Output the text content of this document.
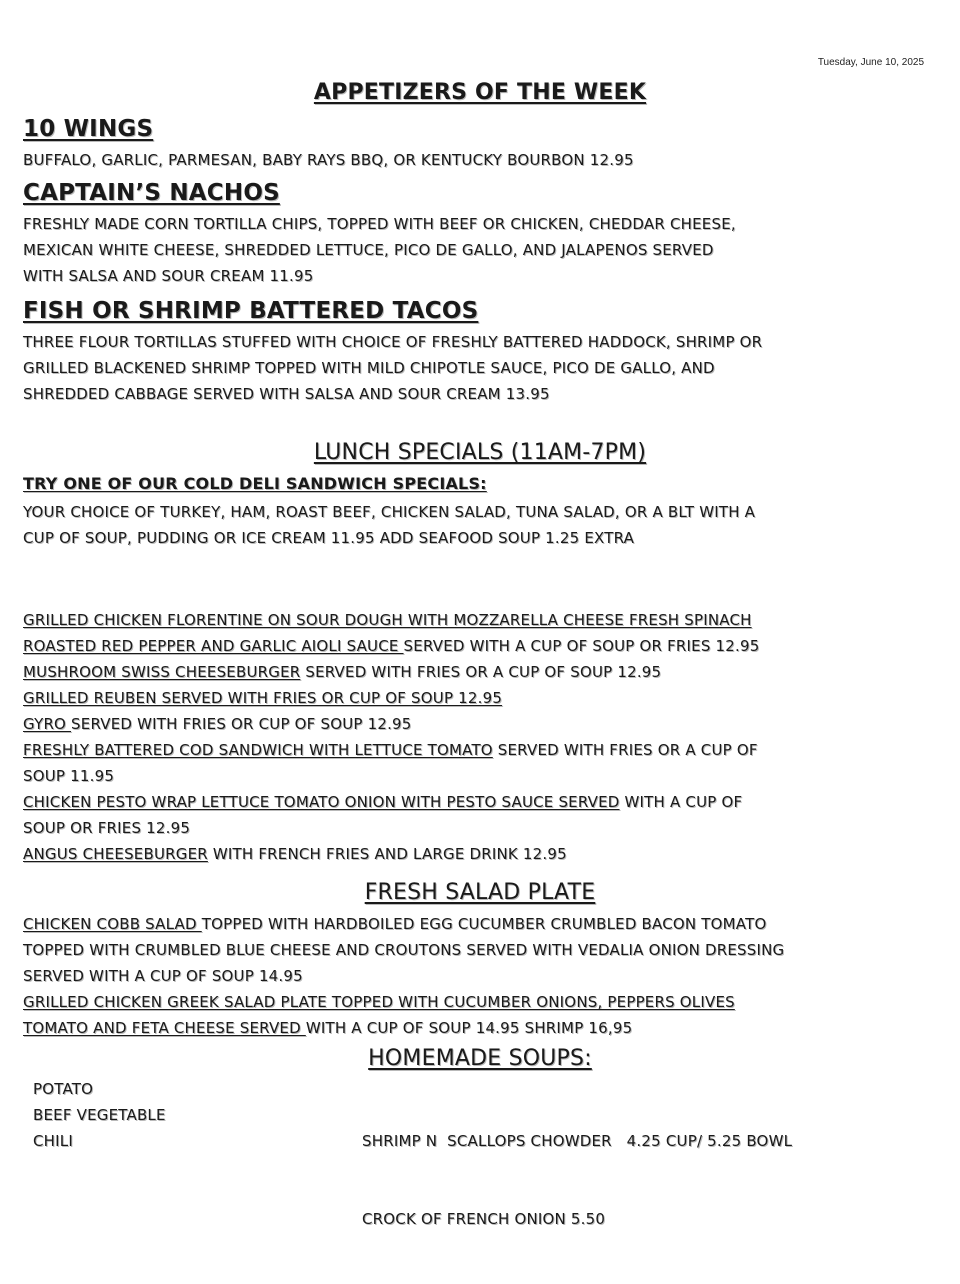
Tuesday, June 10, 2025
APPETIZERS OF THE WEEK
10 WINGS
BUFFALO, GARLIC, PARMESAN, BABY RAYS BBQ, OR KENTUCKY BOURBON 12.95
CAPTAIN’S NACHOS
FRESHLY MADE CORN TORTILLA CHIPS, TOPPED WITH BEEF OR CHICKEN, CHEDDAR CHEESE,
MEXICAN WHITE CHEESE, SHREDDED LETTUCE, PICO DE GALLO, AND JALAPENOS SERVED
WITH SALSA AND SOUR CREAM 11.95
FISH OR SHRIMP BATTERED TACOS
THREE FLOUR TORTILLAS STUFFED WITH CHOICE OF FRESHLY BATTERED HADDOCK, SHRIMP OR
GRILLED BLACKENED SHRIMP TOPPED WITH MILD CHIPOTLE SAUCE, PICO DE GALLO, AND
SHREDDED CABBAGE SERVED WITH SALSA AND SOUR CREAM 13.95
LUNCH SPECIALS (11AM-7PM)
TRY ONE OF OUR COLD DELI SANDWICH SPECIALS:
YOUR CHOICE OF TURKEY, HAM, ROAST BEEF, CHICKEN SALAD, TUNA SALAD, OR A BLT WITH A
CUP OF SOUP, PUDDING OR ICE CREAM 11.95 ADD SEAFOOD SOUP 1.25 EXTRA
GRILLED CHICKEN FLORENTINE ON SOUR DOUGH WITH MOZZARELLA CHEESE FRESH SPINACH
ROASTED RED PEPPER AND GARLIC AIOLI SAUCE SERVED WITH A CUP OF SOUP OR FRIES 12.95
MUSHROOM SWISS CHEESEBURGER SERVED WITH FRIES OR A CUP OF SOUP 12.95
GRILLED REUBEN SERVED WITH FRIES OR CUP OF SOUP 12.95
GYRO SERVED WITH FRIES OR CUP OF SOUP 12.95
FRESHLY BATTERED COD SANDWICH WITH LETTUCE TOMATO SERVED WITH FRIES OR A CUP OF
SOUP 11.95
CHICKEN PESTO WRAP LETTUCE TOMATO ONION WITH PESTO SAUCE SERVED WITH A CUP OF
SOUP OR FRIES 12.95
ANGUS CHEESEBURGER WITH FRENCH FRIES AND LARGE DRINK 12.95
FRESH SALAD PLATE
CHICKEN COBB SALAD TOPPED WITH HARDBOILED EGG CUCUMBER CRUMBLED BACON TOMATO
TOPPED WITH CRUMBLED BLUE CHEESE AND CROUTONS SERVED WITH VEDALIA ONION DRESSING
SERVED WITH A CUP OF SOUP 14.95
GRILLED CHICKEN GREEK SALAD PLATE TOPPED WITH CUCUMBER ONIONS, PEPPERS OLIVES
TOMATO AND FETA CHEESE SERVED WITH A CUP OF SOUP 14.95 SHRIMP 16,95
HOMEMADE SOUPS:
POTATO
BEEF VEGETABLE
CHILI

	SHRIMP N  SCALLOPS CHOWDER   4.25 CUP/ 5.25 BOWL

CROCK OF FRENCH ONION 5.50
